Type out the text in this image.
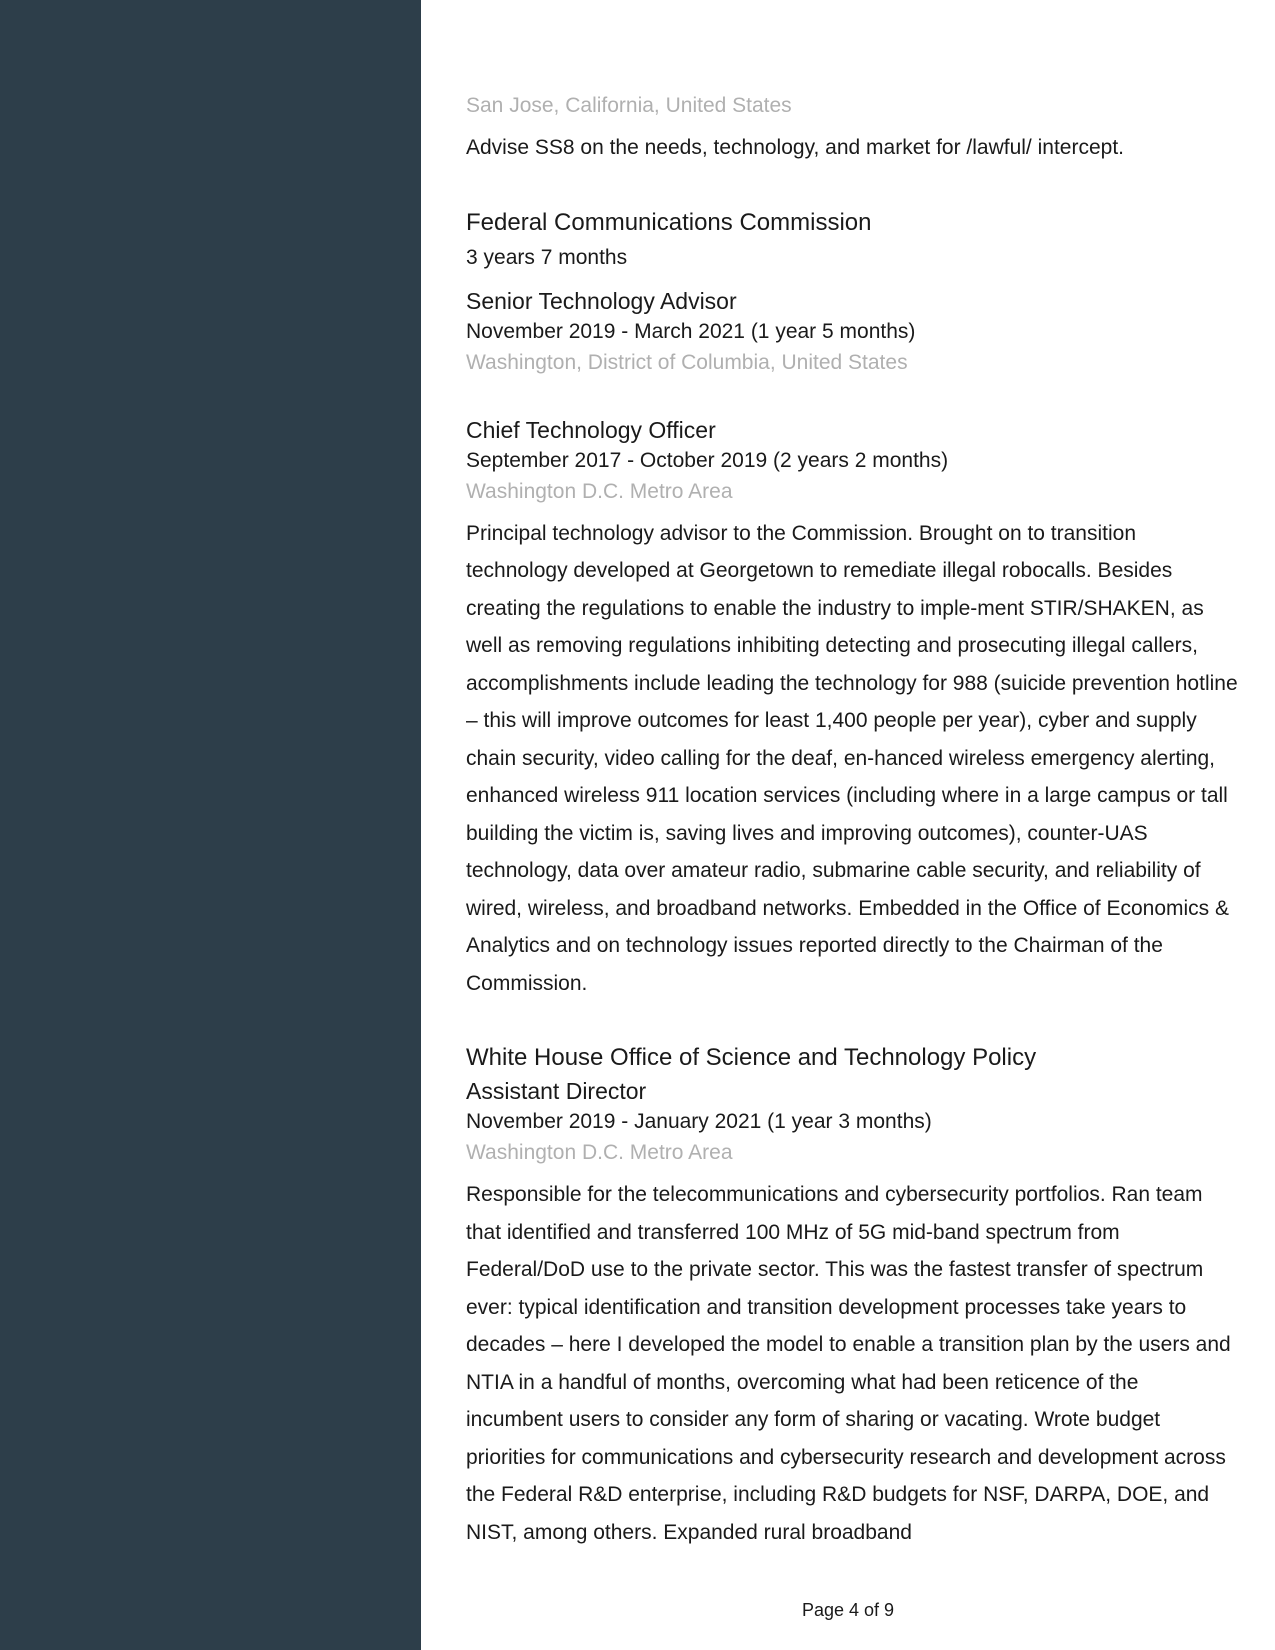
San Jose, California, United States
Advise SS8 on the needs, technology, and market for /lawful/ intercept.
Federal Communications Commission
3 years 7 months
Senior Technology Advisor
November 2019 - March 2021 (1 year 5 months)
Washington, District of Columbia, United States
Chief Technology Officer
September 2017 - October 2019 (2 years 2 months)
Washington D.C. Metro Area
Principal technology advisor to the Commission. Brought on to transition technology developed at Georgetown to remediate illegal robocalls. Besides creating the regulations to enable the industry to imple-ment STIR/SHAKEN, as well as removing regulations inhibiting detecting and prosecuting illegal callers, accomplishments include leading the technology for 988 (suicide prevention hotline – this will improve outcomes for least 1,400 people per year), cyber and supply chain security, video calling for the deaf, en-hanced wireless emergency alerting, enhanced wireless 911 location services (including where in a large campus or tall building the victim is, saving lives and improving outcomes), counter-UAS technology, data over amateur radio, submarine cable security, and reliability of wired, wireless, and broadband networks. Embedded in the Office of Economics & Analytics and on technology issues reported directly to the Chairman of the Commission.
White House Office of Science and Technology Policy
Assistant Director
November 2019 - January 2021 (1 year 3 months)
Washington D.C. Metro Area
Responsible for the telecommunications and cybersecurity portfolios. Ran team that identified and transferred 100 MHz of 5G mid-band spectrum from Federal/DoD use to the private sector. This was the fastest transfer of spectrum ever: typical identification and transition development processes take years to decades – here I developed the model to enable a transition plan by the users and NTIA in a handful of months, overcoming what had been reticence of the incumbent users to consider any form of sharing or vacating. Wrote budget priorities for communications and cybersecurity research and development across the Federal R&D enterprise, including R&D budgets for NSF, DARPA, DOE, and NIST, among others. Expanded rural broadband
Page 4 of 9
